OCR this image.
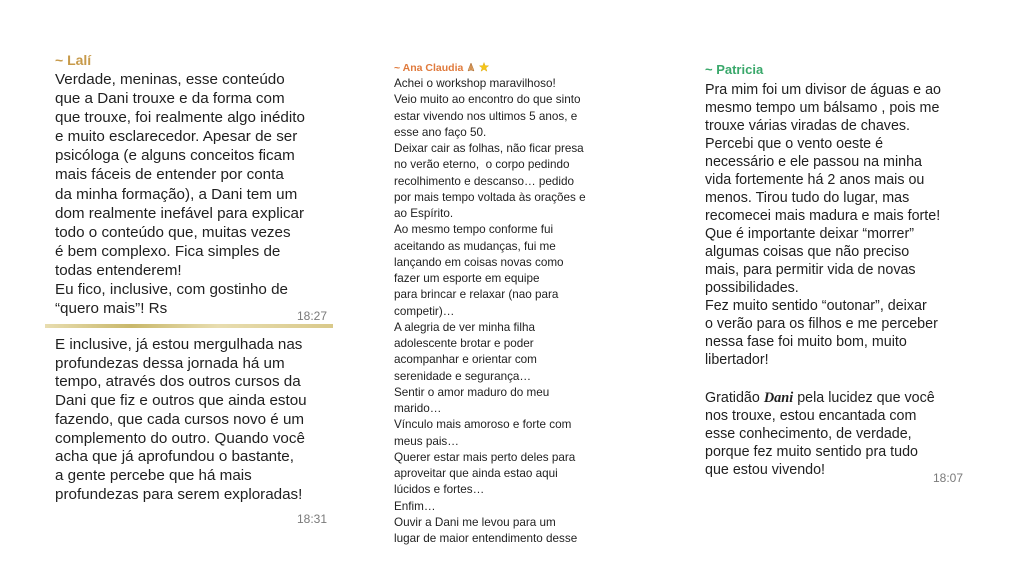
~ Lalí

Verdade, meninas, esse conteúdo
que a Dani trouxe e da forma com
que trouxe, foi realmente algo inédito
e muito esclarecedor. Apesar de ser
psicóloga (e alguns conceitos ficam
mais fáceis de entender por conta
da minha formação), a Dani tem um
dom realmente inefável para explicar
todo o conteúdo que, muitas vezes
é bem complexo. Fica simples de
todas entenderem!
Eu fico, inclusive, com gostinho de
“quero mais”! Rs	18:27

E inclusive, já estou mergulhada nas
profundezas dessa jornada há um
tempo, através dos outros cursos da
Dani que fiz e outros que ainda estou
fazendo, que cada cursos novo é um
complemento do outro. Quando você
acha que já aprofundou o bastante,
a gente percebe que há mais
profundezas para serem exploradas!

18:31

~ Ana Claudia

Achei o workshop maravilhoso!
Veio muito ao encontro do que sinto
estar vivendo nos ultimos 5 anos, e
esse ano faço 50.
Deixar cair as folhas, não ficar presa
no verão eterno,  o corpo pedindo
recolhimento e descanso… pedido
por mais tempo voltada às orações e
ao Espírito.
Ao mesmo tempo conforme fui
aceitando as mudanças, fui me
lançando em coisas novas como
fazer um esporte em equipe
para brincar e relaxar (nao para
competir)…
A alegria de ver minha filha
adolescente brotar e poder
acompanhar e orientar com
serenidade e segurança…
Sentir o amor maduro do meu
marido…
Vínculo mais amoroso e forte com
meus pais…
Querer estar mais perto deles para
aproveitar que ainda estao aqui
lúcidos e fortes…
Enfim…
Ouvir a Dani me levou para um
lugar de maior entendimento desse

~ Patricia

Pra mim foi um divisor de águas e ao
mesmo tempo um bálsamo , pois me
trouxe várias viradas de chaves.
Percebi que o vento oeste é
necessário e ele passou na minha
vida fortemente há 2 anos mais ou
menos. Tirou tudo do lugar, mas
recomecei mais madura e mais forte!
Que é importante deixar “morrer”
algumas coisas que não preciso
mais, para permitir vida de novas
possibilidades.
Fez muito sentido “outonar”, deixar
o verão para os filhos e me perceber
nessa fase foi muito bom, muito
libertador!

Gratidão Dani pela lucidez que você
nos trouxe, estou encantada com
esse conhecimento, de verdade,
porque fez muito sentido pra tudo
que estou vivendo!	18:07
